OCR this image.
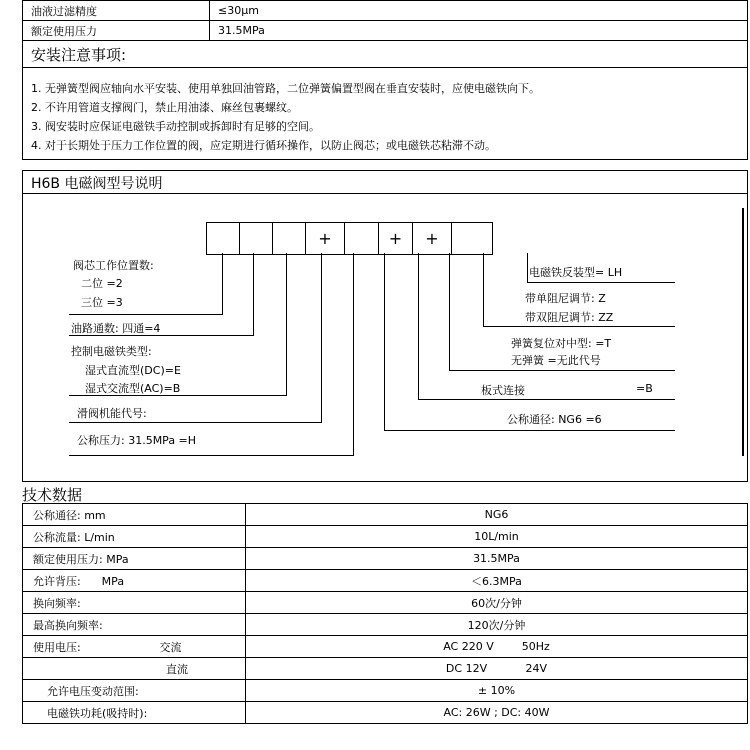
油液过滤精度	≤30μm
额定使用压力	31.5MPa
安装注意事项:
1. 无弹簧型阀应轴向水平安装、使用单独回油管路，二位弹簧偏置型阀在垂直安装时，应使电磁铁向下。
2. 不许用管道支撑阀门，禁止用油漆、麻丝包裹螺纹。
3. 阀安装时应保证电磁铁手动控制或拆卸时有足够的空间。
4. 对于长期处于压力工作位置的阀，应定期进行循环操作，以防止阀芯；或电磁铁芯粘滞不动。
H6B 电磁阀型号说明
+	+	+
阀芯工作位置数:
二位 =2
三位 =3
油路通数: 四通=4
控制电磁铁类型:
湿式直流型(DC)=E
湿式交流型(AC)=B
滑阀机能代号:
公称压力: 31.5MPa =H
电磁铁反装型= LH
带单阻尼调节: Z
带双阻尼调节: ZZ
弹簧复位对中型: =T
无弹簧 =无此代号
板式连接	=B
公称通径: NG6 =6
技术数据
公称通径: mm	NG6
公称流量: L/min	10L/min
额定使用压力: MPa	31.5MPa
允许背压:      MPa	＜6.3MPa
换向频率:	60次/分钟
最高换向频率:	120次/分钟
使用电压: 交流	AC 220 V        50Hz
直流	DC 12V           24V
允许电压变动范围:	± 10%
电磁铁功耗(吸持时):	AC: 26W ; DC: 40W
